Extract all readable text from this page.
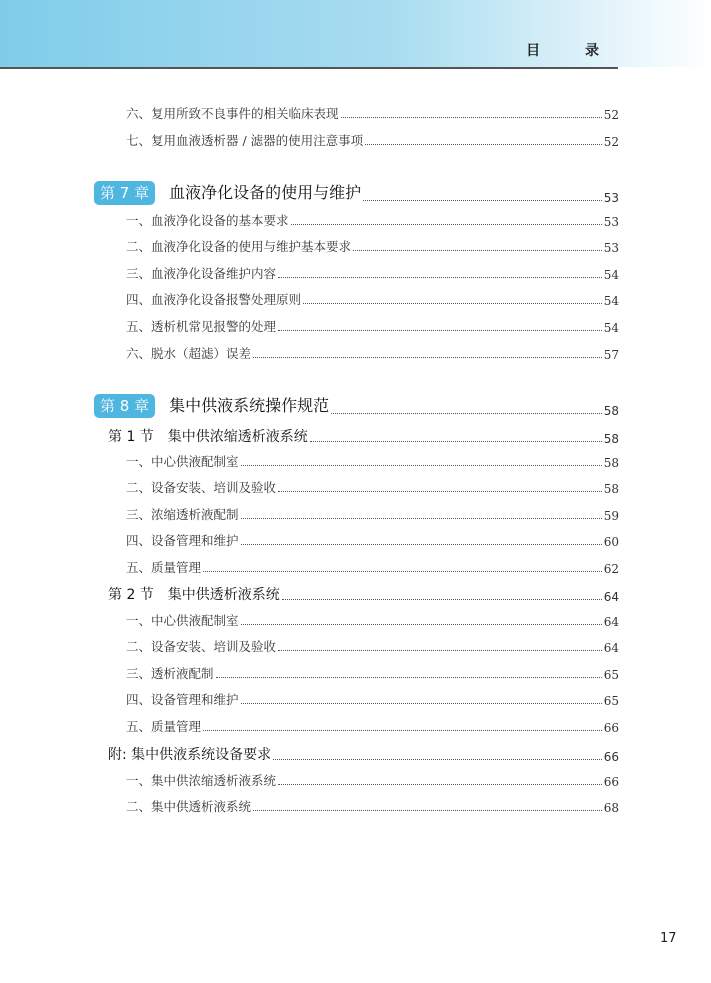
目 录
六、复用所致不良事件的相关临床表现	52
七、复用血液透析器 / 滤器的使用注意事项	52
第 7 章 血液净化设备的使用与维护	53
一、血液净化设备的基本要求	53
二、血液净化设备的使用与维护基本要求	53
三、血液净化设备维护内容	54
四、血液净化设备报警处理原则	54
五、透析机常见报警的处理	54
六、脱水（超滤）误差	57
第 8 章 集中供液系统操作规范	58
第 1 节　集中供浓缩透析液系统	58
一、中心供液配制室	58
二、设备安装、培训及验收	58
三、浓缩透析液配制	59
四、设备管理和维护	60
五、质量管理	62
第 2 节　集中供透析液系统	64
一、中心供液配制室	64
二、设备安装、培训及验收	64
三、透析液配制	65
四、设备管理和维护	65
五、质量管理	66
附: 集中供液系统设备要求	66
一、集中供浓缩透析液系统	66
二、集中供透析液系统	68
17
